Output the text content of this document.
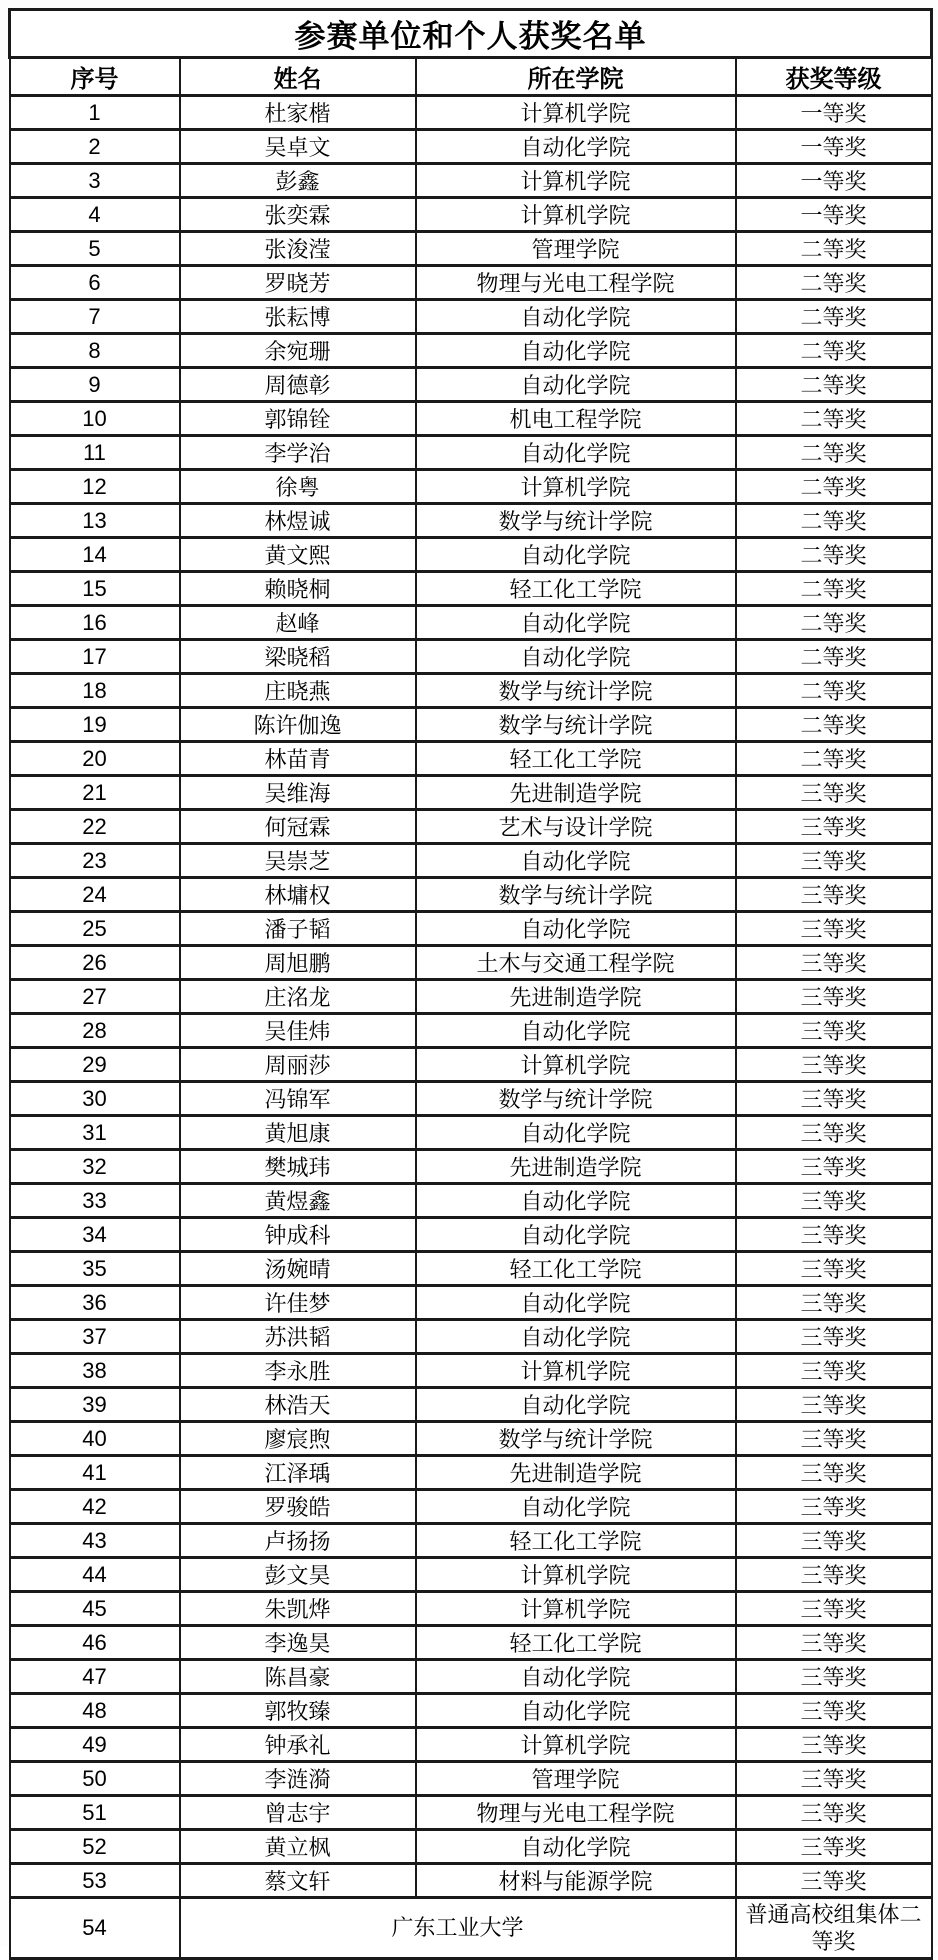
参赛单位和个人获奖名单			
序号	姓名	所在学院	获奖等级
1	杜家楷	计算机学院	一等奖
2	吴卓文	自动化学院	一等奖
3	彭鑫	计算机学院	一等奖
4	张奕霖	计算机学院	一等奖
5	张浚滢	管理学院	二等奖
6	罗晓芳	物理与光电工程学院	二等奖
7	张耘博	自动化学院	二等奖
8	余宛珊	自动化学院	二等奖
9	周德彰	自动化学院	二等奖
10	郭锦铨	机电工程学院	二等奖
11	李学治	自动化学院	二等奖
12	徐粤	计算机学院	二等奖
13	林煜诚	数学与统计学院	二等奖
14	黄文熙	自动化学院	二等奖
15	赖晓桐	轻工化工学院	二等奖
16	赵峰	自动化学院	二等奖
17	梁晓稻	自动化学院	二等奖
18	庄晓燕	数学与统计学院	二等奖
19	陈许伽逸	数学与统计学院	二等奖
20	林苗青	轻工化工学院	二等奖
21	吴维海	先进制造学院	三等奖
22	何冠霖	艺术与设计学院	三等奖
23	吴崇芝	自动化学院	三等奖
24	林墉权	数学与统计学院	三等奖
25	潘子韬	自动化学院	三等奖
26	周旭鹏	土木与交通工程学院	三等奖
27	庄洺龙	先进制造学院	三等奖
28	吴佳炜	自动化学院	三等奖
29	周丽莎	计算机学院	三等奖
30	冯锦军	数学与统计学院	三等奖
31	黄旭康	自动化学院	三等奖
32	樊城玮	先进制造学院	三等奖
33	黄煜鑫	自动化学院	三等奖
34	钟成科	自动化学院	三等奖
35	汤婉晴	轻工化工学院	三等奖
36	许佳梦	自动化学院	三等奖
37	苏洪韬	自动化学院	三等奖
38	李永胜	计算机学院	三等奖
39	林浩天	自动化学院	三等奖
40	廖宸煦	数学与统计学院	三等奖
41	江泽瑀	先进制造学院	三等奖
42	罗骏皓	自动化学院	三等奖
43	卢扬扬	轻工化工学院	三等奖
44	彭文昊	计算机学院	三等奖
45	朱凯烨	计算机学院	三等奖
46	李逸昊	轻工化工学院	三等奖
47	陈昌豪	自动化学院	三等奖
48	郭牧臻	自动化学院	三等奖
49	钟承礼	计算机学院	三等奖
50	李涟漪	管理学院	三等奖
51	曾志宇	物理与光电工程学院	三等奖
52	黄立枫	自动化学院	三等奖
53	蔡文轩	材料与能源学院	三等奖
54	广东工业大学		普通高校组集体二等奖
